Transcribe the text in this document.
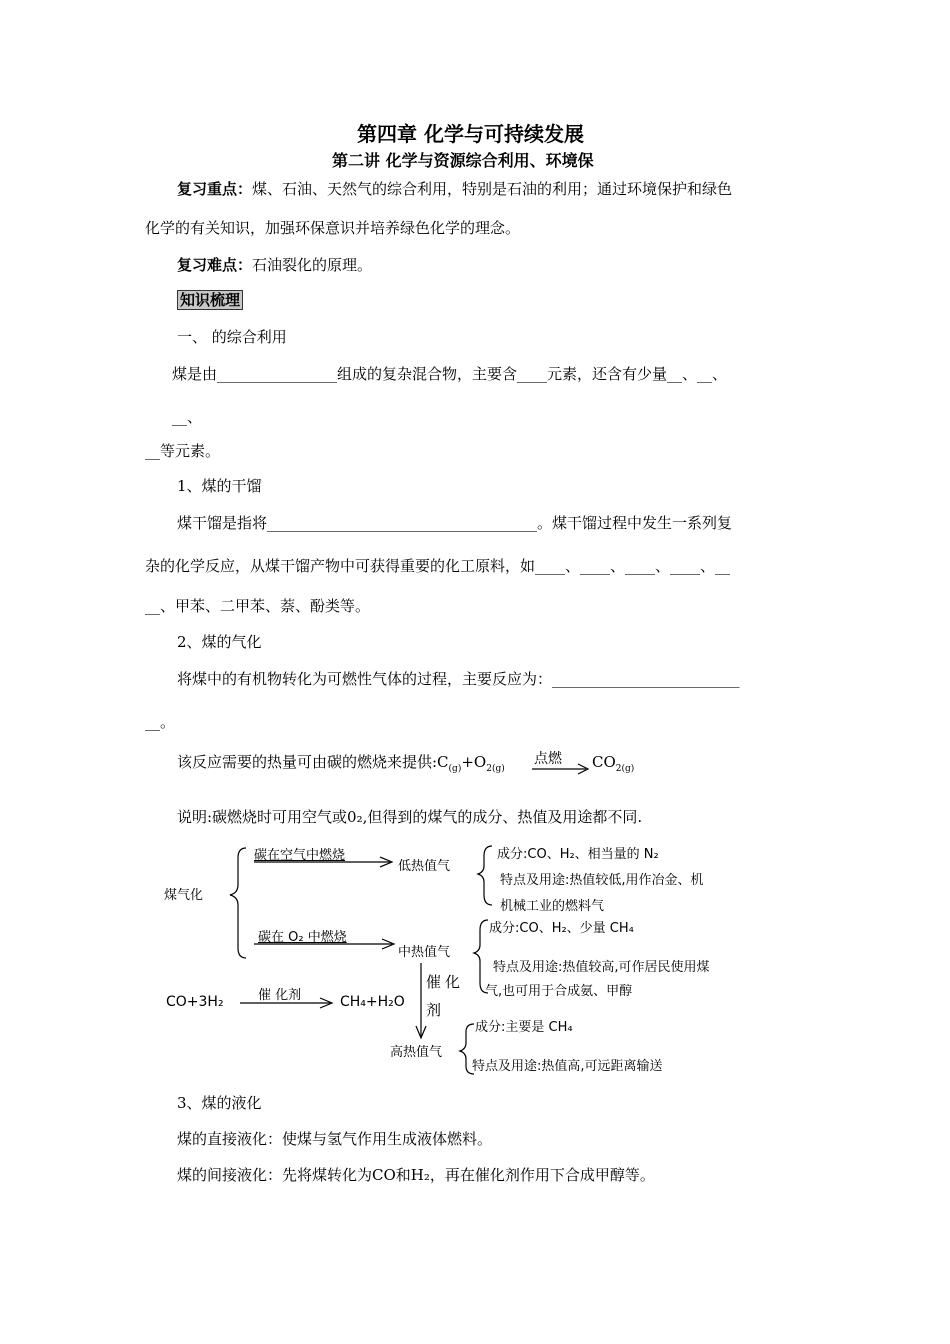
第四章 化学与可持续发展
第二讲 化学与资源综合利用、环境保
复习重点：煤、石油、天然气的综合利用，特别是石油的利用；通过环境保护和绿色
化学的有关知识，加强环保意识并培养绿色化学的理念。
复习难点：石油裂化的原理。
知识梳理
一、 的综合利用
煤是由________________组成的复杂混合物，主要含____元素，还含有少量__、__、
__、
__等元素。
1、煤的干馏
煤干馏是指将____________________________________。煤干馏过程中发生一系列复
杂的化学反应，从煤干馏产物中可获得重要的化工原料，如____、____、____、____、__
__、甲苯、二甲苯、萘、酚类等。
2、煤的气化
将煤中的有机物转化为可燃性气体的过程，主要反应为：_________________________
__。
该反应需要的热量可由碳的燃烧来提供$:C_{(g)}+O_{2(g)}$
点燃 $CO_{2(g)}$
说明:碳燃烧时可用空气或0₂,但得到的煤气的成分、热值及用途都不同.
煤气化
碳在空气中燃烧
低热值气
成分:CO、H₂、相当量的 N₂
特点及用途:热值较低,用作冶金、机
机械工业的燃料气
碳在 O₂ 中燃烧
中热值气
成分:CO、H₂、少量 CH₄
特点及用途:热值较高,可作居民使用煤
气,也可用于合成氨、甲醇
CO+3H₂	催 化剂	CH₄+H₂O
催 化
剂
高热值气
成分:主要是 CH₄
特点及用途:热值高,可远距离输送
3、煤的液化
煤的直接液化：使煤与氢气作用生成液体燃料。
煤的间接液化：先将煤转化为CO和H₂，再在催化剂作用下合成甲醇等。
